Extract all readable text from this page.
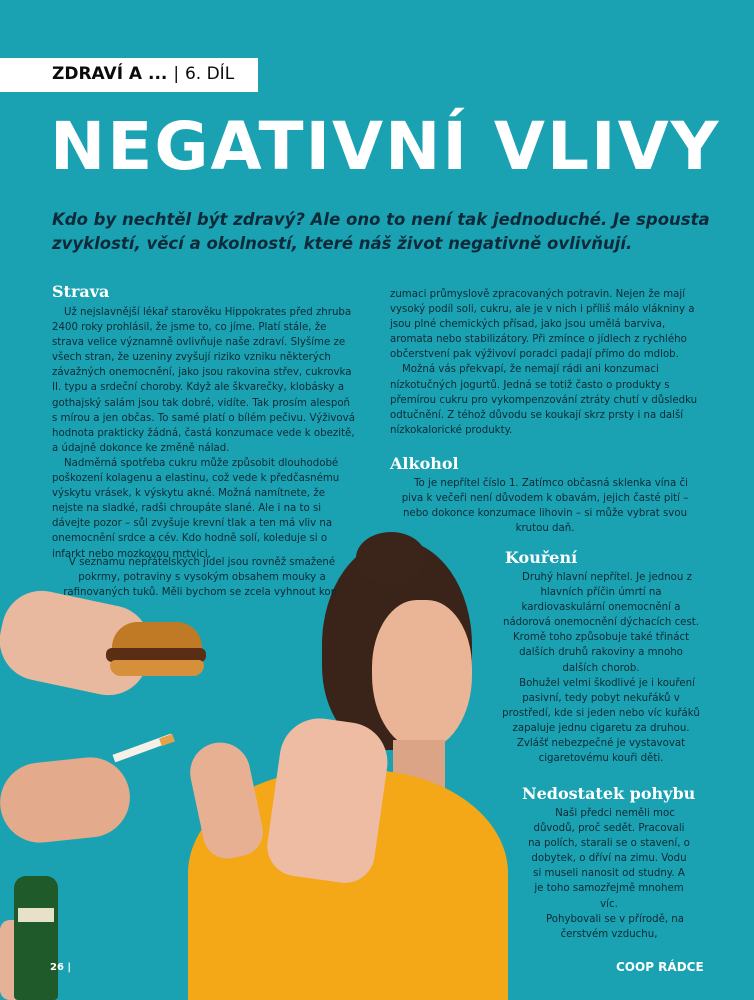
ZDRAVÍ A ... | 6. DÍL
NEGATIVNÍ VLIVY
Kdo by nechtěl být zdravý? Ale ono to není tak jednoduché. Je spousta zvyklostí, věcí a okolností, které náš život negativně ovlivňují.
Strava

Už nejslavnější lékař starověku Hippokrates před zhruba 2400 roky prohlásil, že jsme to, co jíme. Platí stále, že strava velice významně ovlivňuje naše zdraví. Slyšíme ze všech stran, že uzeniny zvyšují riziko vzniku některých závažných onemocnění, jako jsou rakovina střev, cukrovka II. typu a srdeční choroby. Když ale škvarečky, klobásky a gothajský salám jsou tak dobré, vidíte. Tak prosím alespoň s mírou a jen občas. To samé platí o bílém pečivu. Výživová hodnota prakticky žádná, častá konzumace vede k obezitě, a údajně dokonce ke změně nálad.

Nadměrná spotřeba cukru může způsobit dlouhodobé poškození kolagenu a elastinu, což vede k předčasnému výskytu vrásek, k výskytu akné. Možná namítnete, že nejste na sladké, radši chroupáte slané. Ale i na to si dávejte pozor – sůl zvyšuje krevní tlak a ten má vliv na onemocnění srdce a cév. Kdo hodně solí, koleduje si o infarkt nebo mozkovou mrtvici.

V seznamu nepřátelských jídel jsou rovněž smažené pokrmy, potraviny s vysokým obsahem mouky a rafinovaných tuků. Měli bychom se zcela vyhnout kon-

zumaci průmyslově zpracovaných potravin. Nejen že mají vysoký podíl soli, cukru, ale je v nich i příliš málo vlákniny a jsou plné chemických přísad, jako jsou umělá barviva, aromata nebo stabilizátory. Při zmínce o jídlech z rychlého občerstvení pak výživoví poradci padají přímo do mdlob.

Možná vás překvapí, že nemají rádi ani konzumaci nízkotučných jogurtů. Jedná se totiž často o produkty s přemírou cukru pro vykompenzování ztráty chutí v důsledku odtučnění. Z téhož důvodu se koukají skrz prsty i na další nízkokalorické produkty.

Alkohol

To je nepřítel číslo 1. Zatímco občasná sklenka vína či piva k večeři není důvodem k obavám, jejich časté pití – nebo dokonce konzumace lihovin – si může vybrat svou krutou daň.

Kouření

Druhý hlavní nepřítel. Je jednou z hlavních příčin úmrtí na kardiovaskulární onemocnění a nádorová onemocnění dýchacích cest. Kromě toho způsobuje také třináct dalších druhů rakoviny a mnoho dalších chorob.

Bohužel velmi škodlivé je i kouření pasivní, tedy pobyt nekuřáků v prostředí, kde si jeden nebo víc kuřáků zapaluje jednu cigaretu za druhou. Zvlášť nebezpečné je vystavovat cigaretovému kouři děti.

Nedostatek pohybu

Naši předci neměli moc důvodů, proč sedět. Pracovali na polích, starali se o stavení, o dobytek, o dříví na zimu. Vodu si museli nanosit od studny. A je toho samozřejmě mnohem víc.

Pohybovali se v přírodě, na čerstvém vzduchu,

26 |	COOP RÁDCE
